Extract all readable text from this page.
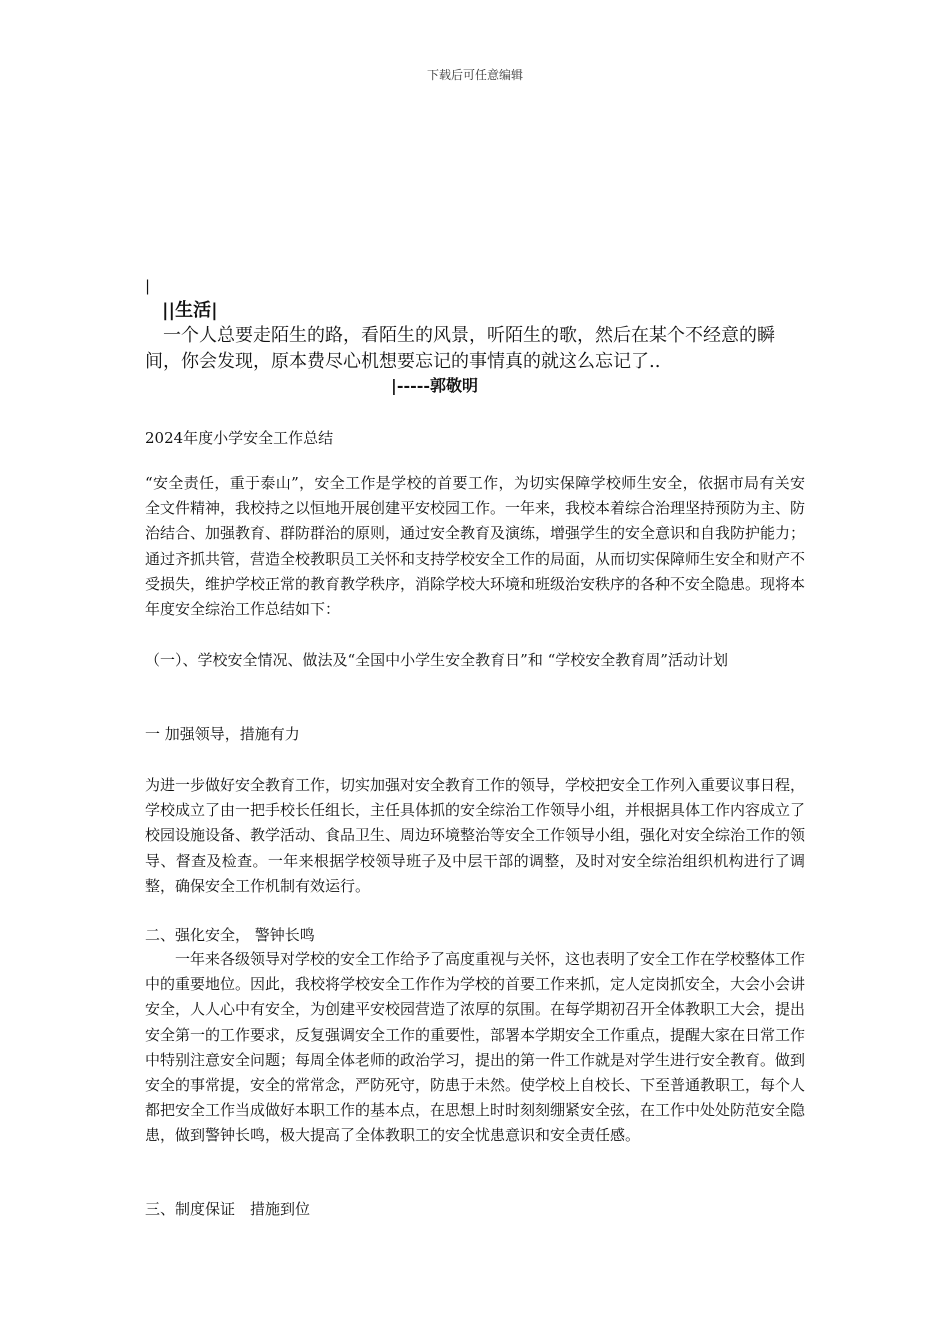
下载后可任意编辑
|
||生活|
一个人总要走陌生的路，看陌生的风景，听陌生的歌，然后在某个不经意的瞬间，你会发现，原本费尽心机想要忘记的事情真的就这么忘记了..
|-----郭敬明
2024年度小学安全工作总结
“安全责任，重于泰山”，安全工作是学校的首要工作，为切实保障学校师生安全，依据市局有关安全文件精神，我校持之以恒地开展创建平安校园工作。一年来，我校本着综合治理坚持预防为主、防治结合、加强教育、群防群治的原则，通过安全教育及演练，增强学生的安全意识和自我防护能力；通过齐抓共管，营造全校教职员工关怀和支持学校安全工作的局面，从而切实保障师生安全和财产不受损失，维护学校正常的教育教学秩序，消除学校大环境和班级治安秩序的各种不安全隐患。现将本年度安全综治工作总结如下：
（一）、学校安全情况、做法及“全国中小学生安全教育日”和 “学校安全教育周”活动计划
一 加强领导，措施有力
为进一步做好安全教育工作，切实加强对安全教育工作的领导，学校把安全工作列入重要议事日程，学校成立了由一把手校长任组长，主任具体抓的安全综治工作领导小组，并根据具体工作内容成立了校园设施设备、教学活动、食品卫生、周边环境整治等安全工作领导小组，强化对安全综治工作的领导、督查及检查。一年来根据学校领导班子及中层干部的调整，及时对安全综治组织机构进行了调整，确保安全工作机制有效运行。
二、强化安全， 警钟长鸣
一年来各级领导对学校的安全工作给予了高度重视与关怀，这也表明了安全工作在学校整体工作中的重要地位。因此，我校将学校安全工作作为学校的首要工作来抓，定人定岗抓安全，大会小会讲安全，人人心中有安全，为创建平安校园营造了浓厚的氛围。在每学期初召开全体教职工大会，提出安全第一的工作要求，反复强调安全工作的重要性，部署本学期安全工作重点，提醒大家在日常工作中特别注意安全问题；每周全体老师的政治学习，提出的第一件工作就是对学生进行安全教育。做到安全的事常提，安全的常常念，严防死守，防患于未然。使学校上自校长、下至普通教职工，每个人都把安全工作当成做好本职工作的基本点，在思想上时时刻刻绷紧安全弦，在工作中处处防范安全隐患，做到警钟长鸣，极大提高了全体教职工的安全忧患意识和安全责任感。
三、制度保证　措施到位
